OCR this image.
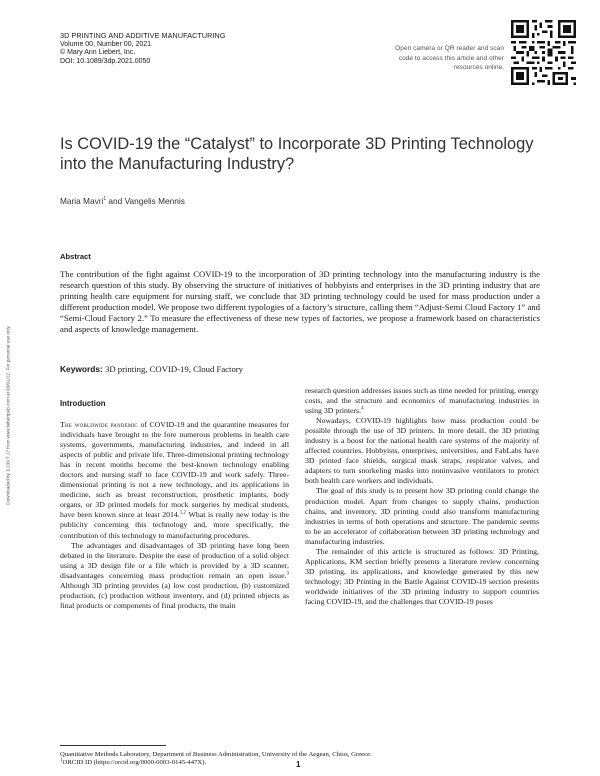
3D PRINTING AND ADDITIVE MANUFACTURING
Volume 00, Number 00, 2021
© Mary Ann Liebert, Inc.
DOI: 10.1089/3dp.2021.0050
Open camera or QR reader and scan code to access this article and other resources online.
Is COVID-19 the “Catalyst” to Incorporate 3D Printing Technology into the Manufacturing Industry?
Maria Mavri$^1$ and Vangelis Mennis
Abstract
The contribution of the fight against COVID-19 to the incorporation of 3D printing technology into the manufacturing industry is the research question of this study. By observing the structure of initiatives of hobbyists and enterprises in the 3D printing industry that are printing health care equipment for nursing staff, we conclude that 3D printing technology could be used for mass production under a different production model. We propose two different typologies of a factory’s structure, calling them “Adjust-Semi Cloud Factory 1” and “Semi-Cloud Factory 2.” To measure the effectiveness of these new types of factories, we propose a framework based on characteristics and aspects of knowledge management.
Keywords: 3D printing, COVID-19, Cloud Factory
Downloaded by 3.239.7.17 from www.liebertpub.com at 03/01/22. For personal use only.	Introduction

The worldwide pandemic of COVID-19 and the quarantine measures for individuals have brought to the fore numerous problems in health care systems, governments, manufacturing industries, and indeed in all aspects of public and private life. Three-dimensional printing technology has in recent months become the best-known technology enabling doctors and nursing staff to face COVID-19 and work safely. Three-dimensional printing is not a new technology, and its applications in medicine, such as breast reconstruction, prosthetic implants, body organs, or 3D printed models for mock surgeries by medical students, have been known since at least 2014.$^{1,2}$ What is really new today is the publicity concerning this technology and, more specifically, the contribution of this technology to manufacturing procedures.

The advantages and disadvantages of 3D printing have long been debated in the literature. Despite the ease of production of a solid object using a 3D design file or a file which is provided by a 3D scanner, disadvantages concerning mass production remain an open issue.$^3$ Although 3D printing provides (a) low cost production, (b) customized production, (c) production without inventory, and (d) printed objects as final products or components of final products, the main

research question addresses issues such as time needed for printing, energy costs, and the structure and economics of manufacturing industries in using 3D printers.$^4$

Nowadays, COVID-19 highlights how mass production could be possible through the use of 3D printers. In more detail, the 3D printing industry is a boost for the national health care systems of the majority of affected countries. Hobbyists, enterprises, universities, and FabLabs have 3D printed face shields, surgical mask straps, respirator valves, and adapters to turn snorkeling masks into noninvasive ventilators to protect both health care workers and individuals.

The goal of this study is to present how 3D printing could change the production model. Apart from changes to supply chains, production chains, and inventory, 3D printing could also transform manufacturing industries in terms of both operations and structure. The pandemic seems to be an accelerator of collaboration between 3D printing technology and manufacturing industries.

The remainder of this article is structured as follows: 3D Printing, Applications, KM section briefly presents a literature review concerning 3D printing, its applications, and knowledge generated by this new technology; 3D Printing in the Battle Against COVID-19 section presents worldwide initiatives of the 3D printing industry to support countries facing COVID-19, and the challenges that COVID-19 poses

Quantitative Methods Laboratory, Department of Business Administration, University of the Aegean, Chios, Greece.
$^1$ORCID ID (https://orcid.org/0000-0003-0145-447X).	1
